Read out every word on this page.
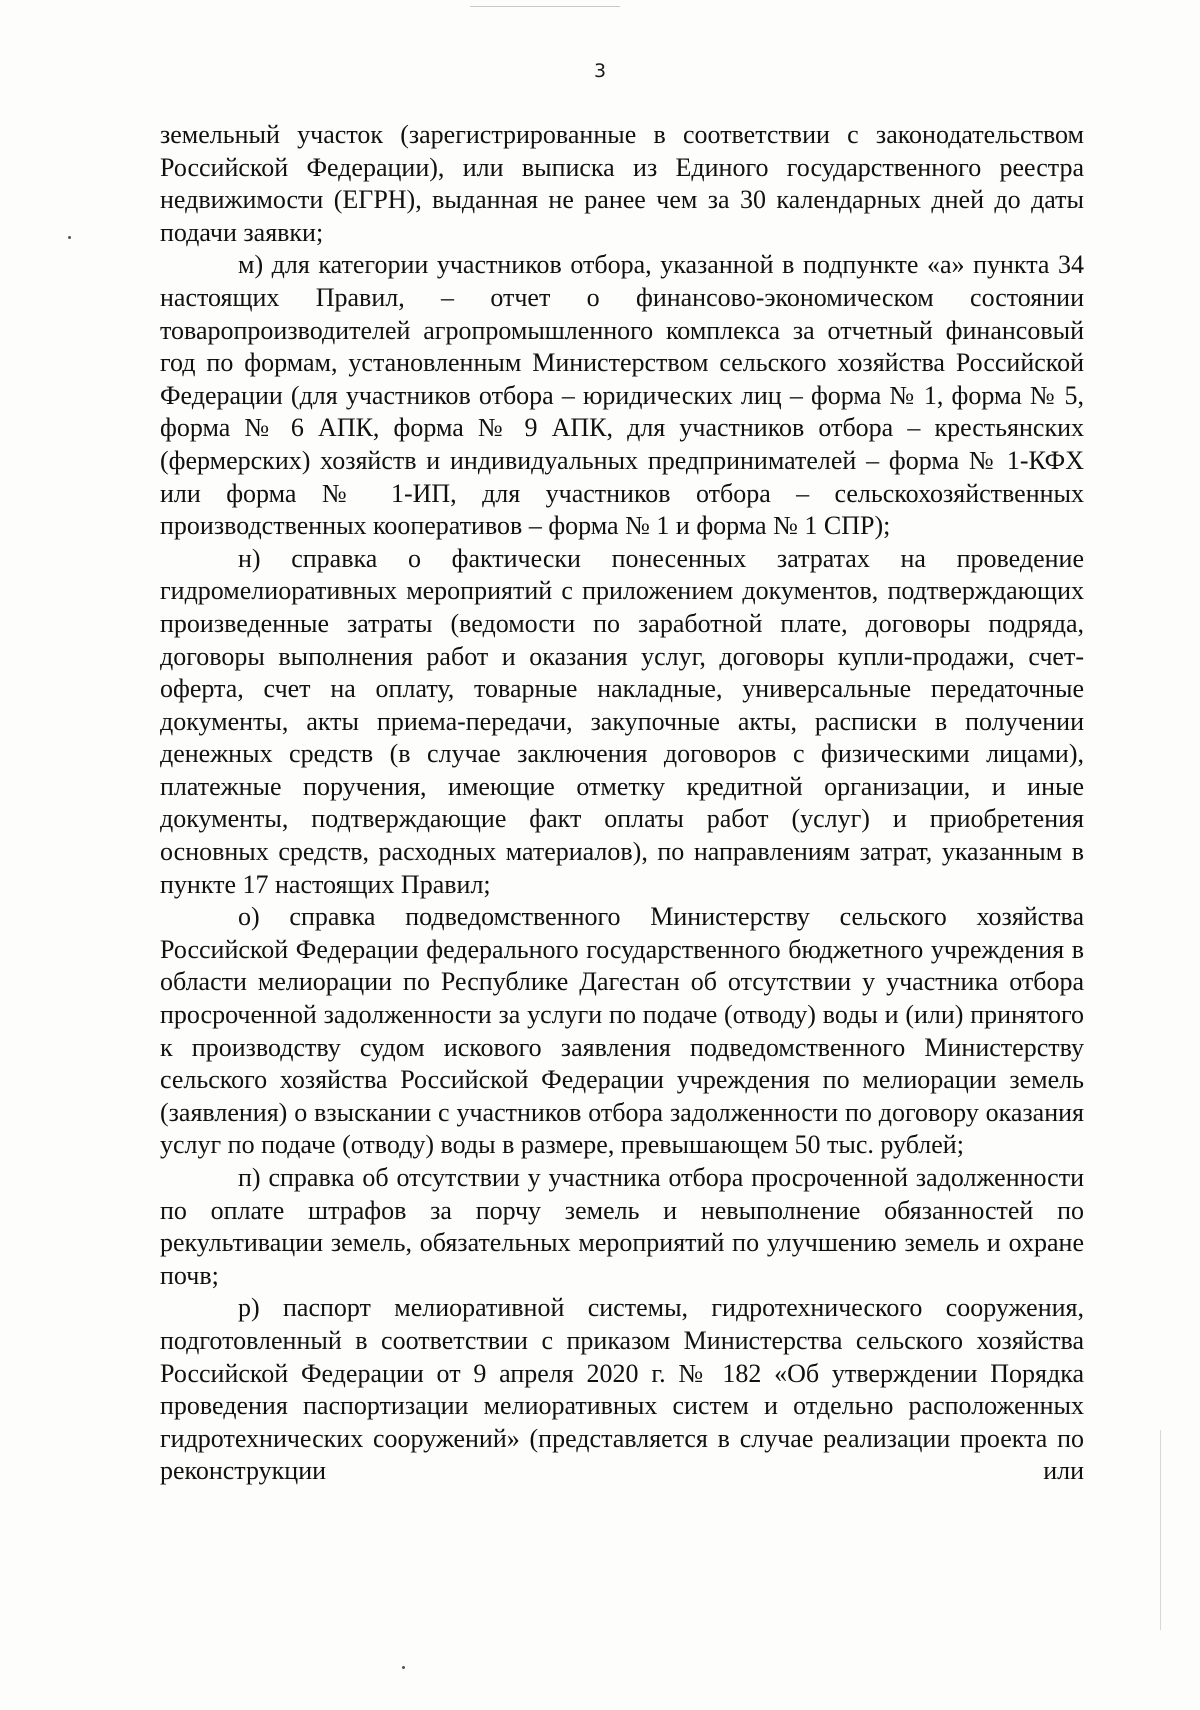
3

земельный участок (зарегистрированные в соответствии с законодательством Российской Федерации), или выписка из Единого государственного реестра недвижимости (ЕГРН), выданная не ранее чем за 30 календарных дней до даты подачи заявки;

м) для категории участников отбора, указанной в подпункте «а» пункта 34 настоящих Правил, – отчет о финансово-экономическом состоянии товаропроизводителей агропромышленного комплекса за отчетный финансовый год по формам, установленным Министерством сельского хозяйства Российской Федерации (для участников отбора – юридических лиц – форма № 1, форма № 5, форма № 6 АПК, форма № 9 АПК, для участников отбора – крестьянских (фермерских) хозяйств и индивидуальных предпринимателей – форма № 1-КФХ или форма № 1-ИП, для участников отбора – сельскохозяйственных производственных кооперативов – форма № 1 и форма № 1 СПР);

н) справка о фактически понесенных затратах на проведение гидромелиоративных мероприятий с приложением документов, подтверждающих произведенные затраты (ведомости по заработной плате, договоры подряда, договоры выполнения работ и оказания услуг, договоры купли-продажи, счет-оферта, счет на оплату, товарные накладные, универсальные передаточные документы, акты приема-передачи, закупочные акты, расписки в получении денежных средств (в случае заключения договоров с физическими лицами), платежные поручения, имеющие отметку кредитной организации, и иные документы, подтверждающие факт оплаты работ (услуг) и приобретения основных средств, расходных материалов), по направлениям затрат, указанным в пункте 17 настоящих Правил;

о) справка подведомственного Министерству сельского хозяйства Российской Федерации федерального государственного бюджетного учреждения в области мелиорации по Республике Дагестан об отсутствии у участника отбора просроченной задолженности за услуги по подаче (отводу) воды и (или) принятого к производству судом искового заявления подведомственного Министерству сельского хозяйства Российской Федерации учреждения по мелиорации земель (заявления) о взыскании с участников отбора задолженности по договору оказания услуг по подаче (отводу) воды в размере, превышающем 50 тыс. рублей;

п) справка об отсутствии у участника отбора просроченной задолженности по оплате штрафов за порчу земель и невыполнение обязанностей по рекультивации земель, обязательных мероприятий по улучшению земель и охране почв;

р) паспорт мелиоративной системы, гидротехнического сооружения, подготовленный в соответствии с приказом Министерства сельского хозяйства Российской Федерации от 9 апреля 2020 г. № 182 «Об утверждении Порядка проведения паспортизации мелиоративных систем и отдельно расположенных гидротехнических сооружений» (представляется в случае реализации проекта по реконструкции или
